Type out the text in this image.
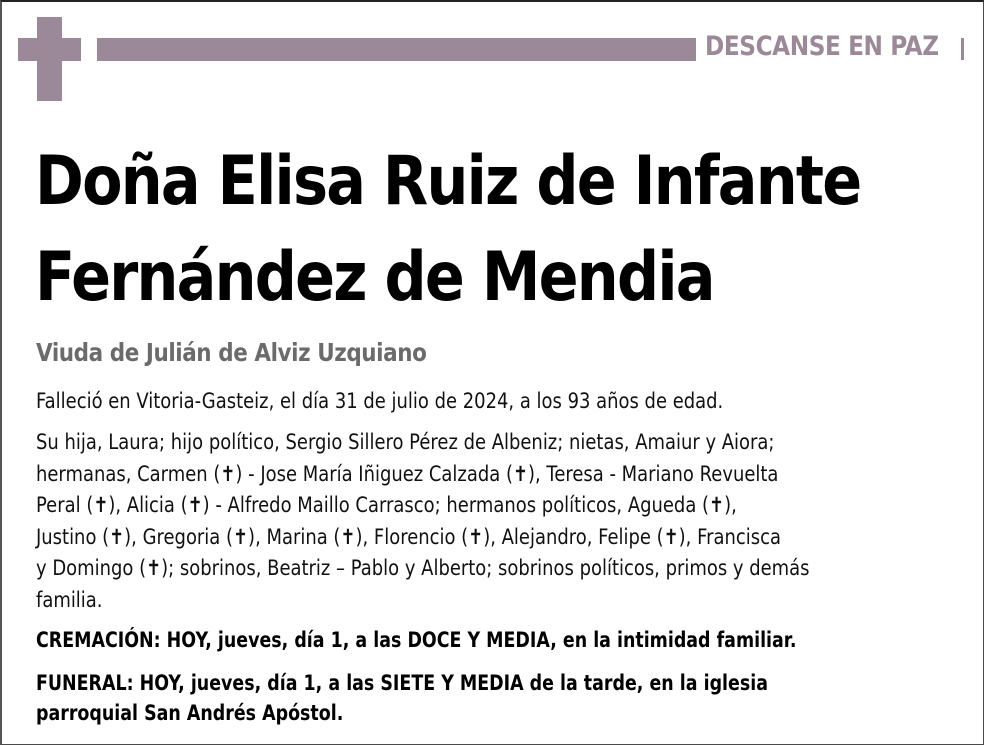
DESCANSE EN PAZ
Doña Elisa Ruiz de Infante
Fernández de Mendia
Viuda de Julián de Alviz Uzquiano
Falleció en Vitoria-Gasteiz, el día 31 de julio de 2024, a los 93 años de edad.
Su hija, Laura; hijo político, Sergio Sillero Pérez de Albeniz; nietas, Amaiur y Aiora;
hermanas, Carmen (✝) - Jose María Iñiguez Calzada (✝), Teresa - Mariano Revuelta
Peral (✝), Alicia (✝) - Alfredo Maillo Carrasco; hermanos políticos, Agueda (✝),
Justino (✝), Gregoria (✝), Marina (✝), Florencio (✝), Alejandro, Felipe (✝), Francisca
y Domingo (✝); sobrinos, Beatriz – Pablo y Alberto; sobrinos políticos, primos y demás
familia.
CREMACIÓN: HOY, jueves, día 1, a las DOCE Y MEDIA, en la intimidad familiar.
FUNERAL: HOY, jueves, día 1, a las SIETE Y MEDIA de la tarde, en la iglesia
parroquial San Andrés Apóstol.
